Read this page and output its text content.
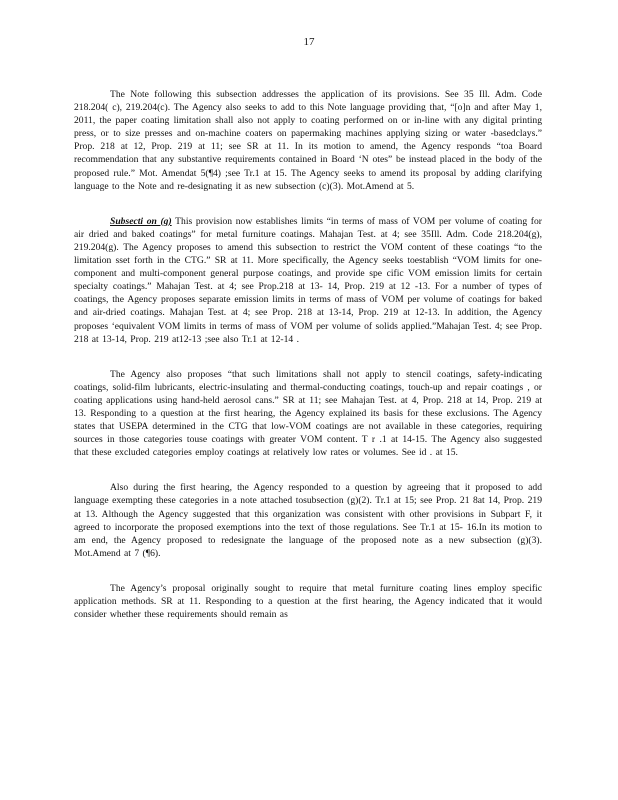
17

The Note following this subsection addresses the application of its provisions. See 35 Ill. Adm. Code 218.204( c), 219.204(c). The Agency also seeks to add to this Note language providing that, “[o]n and after May 1, 2011, the paper coating limitation shall also not apply to coating performed on or in-line with any digital printing press, or to size presses and on-machine coaters on papermaking machines applying sizing or water -basedclays.” Prop. 218 at 12, Prop. 219 at 11; see SR at 11. In its motion to amend, the Agency responds “toa Board recommendation that any substantive requirements contained in Board ‘N otes” be instead placed in the body of the proposed rule.” Mot. Amendat 5(¶4) ;see Tr.1 at 15. The Agency seeks to amend its proposal by adding clarifying language to the Note and re-designating it as new subsection (c)(3). Mot.Amend at 5.

Subsecti on (g) This provision now establishes limits “in terms of mass of VOM per volume of coating for air dried and baked coatings” for metal furniture coatings. Mahajan Test. at 4; see 35Ill. Adm. Code 218.204(g), 219.204(g). The Agency proposes to amend this subsection to restrict the VOM content of these coatings “to the limitation sset forth in the CTG.” SR at 11. More specifically, the Agency seeks toestablish “VOM limits for one-component and multi-component general purpose coatings, and provide spe cific VOM emission limits for certain specialty coatings.” Mahajan Test. at 4; see Prop.218 at 13- 14, Prop. 219 at 12 -13. For a number of types of coatings, the Agency proposes separate emission limits in terms of mass of VOM per volume of coatings for baked and air-dried coatings. Mahajan Test. at 4; see Prop. 218 at 13-14, Prop. 219 at 12-13. In addition, the Agency proposes ‘equivalent VOM limits in terms of mass of VOM per volume of solids applied.”Mahajan Test. 4; see Prop. 218 at 13-14, Prop. 219 at12-13 ;see also Tr.1 at 12-14 .

The Agency also proposes “that such limitations shall not apply to stencil coatings, safety-indicating coatings, solid-film lubricants, electric-insulating and thermal-conducting coatings, touch-up and repair coatings , or coating applications using hand-held aerosol cans.” SR at 11; see Mahajan Test. at 4, Prop. 218 at 14, Prop. 219 at 13. Responding to a question at the first hearing, the Agency explained its basis for these exclusions. The Agency states that USEPA determined in the CTG that low-VOM coatings are not available in these categories, requiring sources in those categories touse coatings with greater VOM content. T r .1 at 14-15. The Agency also suggested that these excluded categories employ coatings at relatively low rates or volumes. See id . at 15.

Also during the first hearing, the Agency responded to a question by agreeing that it proposed to add language exempting these categories in a note attached tosubsection (g)(2). Tr.1 at 15; see Prop. 21 8at 14, Prop. 219 at 13. Although the Agency suggested that this organization was consistent with other provisions in Subpart F, it agreed to incorporate the proposed exemptions into the text of those regulations. See Tr.1 at 15- 16.In its motion to am end, the Agency proposed to redesignate the language of the proposed note as a new subsection (g)(3). Mot.Amend at 7 (¶6).

The Agency’s proposal originally sought to require that metal furniture coating lines employ specific application methods. SR at 11. Responding to a question at the first hearing, the Agency indicated that it would consider whether these requirements should remain as
